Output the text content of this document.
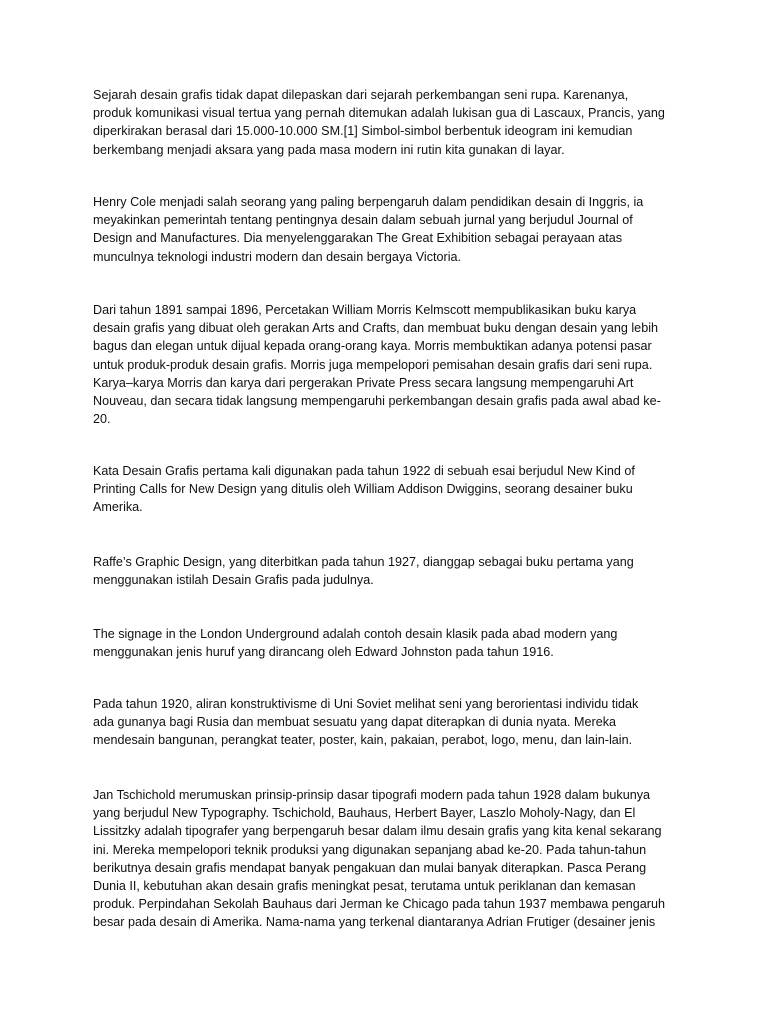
Sejarah desain grafis tidak dapat dilepaskan dari sejarah perkembangan seni rupa. Karenanya,
produk komunikasi visual tertua yang pernah ditemukan adalah lukisan gua di Lascaux, Prancis, yang
diperkirakan berasal dari 15.000-10.000 SM.[1] Simbol-simbol berbentuk ideogram ini kemudian
berkembang menjadi aksara yang pada masa modern ini rutin kita gunakan di layar.

Henry Cole menjadi salah seorang yang paling berpengaruh dalam pendidikan desain di Inggris, ia
meyakinkan pemerintah tentang pentingnya desain dalam sebuah jurnal yang berjudul Journal of
Design and Manufactures. Dia menyelenggarakan The Great Exhibition sebagai perayaan atas
munculnya teknologi industri modern dan desain bergaya Victoria.

Dari tahun 1891 sampai 1896, Percetakan William Morris Kelmscott mempublikasikan buku karya
desain grafis yang dibuat oleh gerakan Arts and Crafts, dan membuat buku dengan desain yang lebih
bagus dan elegan untuk dijual kepada orang-orang kaya. Morris membuktikan adanya potensi pasar
untuk produk-produk desain grafis. Morris juga mempelopori pemisahan desain grafis dari seni rupa.
Karya–karya Morris dan karya dari pergerakan Private Press secara langsung mempengaruhi Art
Nouveau, dan secara tidak langsung mempengaruhi perkembangan desain grafis pada awal abad ke-
20.

Kata Desain Grafis pertama kali digunakan pada tahun 1922 di sebuah esai berjudul New Kind of
Printing Calls for New Design yang ditulis oleh William Addison Dwiggins, seorang desainer buku
Amerika.

Raffe’s Graphic Design, yang diterbitkan pada tahun 1927, dianggap sebagai buku pertama yang
menggunakan istilah Desain Grafis pada judulnya.

The signage in the London Underground adalah contoh desain klasik pada abad modern yang
menggunakan jenis huruf yang dirancang oleh Edward Johnston pada tahun 1916.

Pada tahun 1920, aliran konstruktivisme di Uni Soviet melihat seni yang berorientasi individu tidak
ada gunanya bagi Rusia dan membuat sesuatu yang dapat diterapkan di dunia nyata. Mereka
mendesain bangunan, perangkat teater, poster, kain, pakaian, perabot, logo, menu, dan lain-lain.

Jan Tschichold merumuskan prinsip-prinsip dasar tipografi modern pada tahun 1928 dalam bukunya
yang berjudul New Typography. Tschichold, Bauhaus, Herbert Bayer, Laszlo Moholy-Nagy, dan El
Lissitzky adalah tipografer yang berpengaruh besar dalam ilmu desain grafis yang kita kenal sekarang
ini. Mereka mempelopori teknik produksi yang digunakan sepanjang abad ke-20. Pada tahun-tahun
berikutnya desain grafis mendapat banyak pengakuan dan mulai banyak diterapkan. Pasca Perang
Dunia II, kebutuhan akan desain grafis meningkat pesat, terutama untuk periklanan dan kemasan
produk. Perpindahan Sekolah Bauhaus dari Jerman ke Chicago pada tahun 1937 membawa pengaruh
besar pada desain di Amerika. Nama-nama yang terkenal diantaranya Adrian Frutiger (desainer jenis
